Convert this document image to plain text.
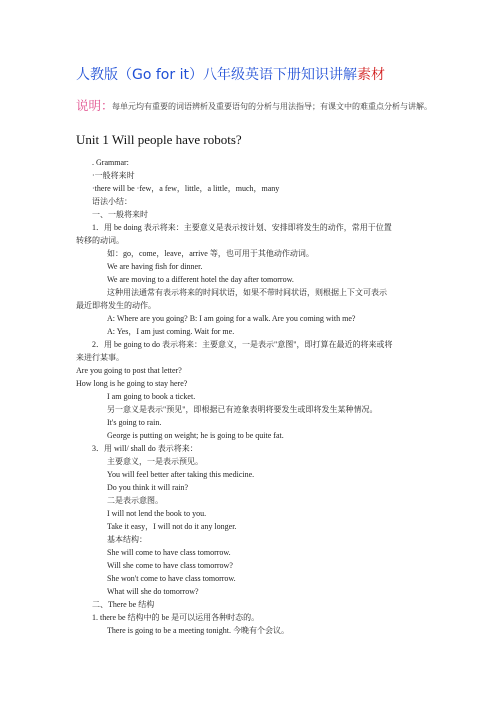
人教版（Go for it）八年级英语下册知识讲解素材
说明：
每单元均有重要的词语辨析及重要语句的分析与用法指导；有课文中的难重点分析与讲解。
Unit 1 Will people have robots?
. Grammar:
·一般将来时
·there will be ·few，a few，little，a little，much，many
语法小结：
一、一般将来时
1．用 be doing 表示将来：主要意义是表示按计划、安排即将发生的动作，常用于位置
转移的动词。
如：go，come，leave，arrive 等，也可用于其他动作动词。
We are having fish for dinner.
We are moving to a different hotel the day after tomorrow.
这种用法通常有表示将来的时间状语，如果不带时间状语，则根据上下文可表示
最近即将发生的动作。
A: Where are you going? B: I am going for a walk. Are you coming with me?
A: Yes，I am just coming. Wait for me.
2．用 be going to do 表示将来：主要意义，一是表示"意图"，即打算在最近的将来或将
来进行某事。
Are you going to post that letter?
How long is he going to stay here?
I am going to book a ticket.
另一意义是表示"预见"，即根据已有迹象表明将要发生或即将发生某种情况。
It's going to rain.
George is putting on weight; he is going to be quite fat.
3．用 will/ shall do 表示将来：
主要意义，一是表示预见。
You will feel better after taking this medicine.
Do you think it will rain?
二是表示意图。
I will not lend the book to you.
Take it easy，I will not do it any longer.
基本结构：
She will come to have class tomorrow.
Will she come to have class tomorrow?
She won't come to have class tomorrow.
What will she do tomorrow?
二、There be 结构
1. there be 结构中的 be 是可以运用各种时态的。
There is going to be a meeting tonight. 今晚有个会议。
